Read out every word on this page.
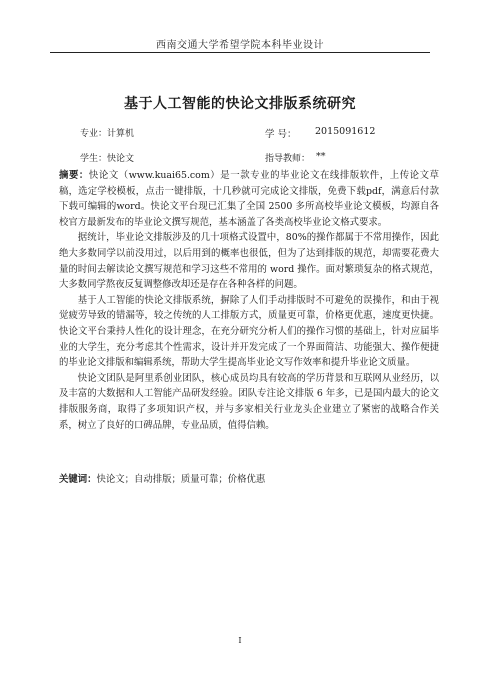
西南交通大学希望学院本科毕业设计
基于人工智能的快论文排版系统研究
专业：计算机	学 号： 2015091612
学生：快论文	指导教师： **

摘要：快论文（www.kuai65.com）是一款专业的毕业论文在线排版软件，上传论文草稿，选定学校模板，点击一键排版，十几秒就可完成论文排版，免费下载pdf，满意后付款下载可编辑的word。快论文平台现已汇集了全国 2500 多所高校毕业论文模板，均源自各校官方最新发布的毕业论文撰写规范，基本涵盖了各类高校毕业论文格式要求。

据统计，毕业论文排版涉及的几十项格式设置中，80%的操作都属于不常用操作，因此绝大多数同学以前没用过，以后用到的概率也很低，但为了达到排版的规范，却需要花费大量的时间去解读论文撰写规范和学习这些不常用的 word 操作。面对繁琐复杂的格式规范，大多数同学熬夜反复调整修改却还是存在各种各样的问题。

基于人工智能的快论文排版系统，摒除了人们手动排版时不可避免的误操作，和由于视觉疲劳导致的错漏等，较之传统的人工排版方式，质量更可靠，价格更优惠，速度更快捷。快论文平台秉持人性化的设计理念，在充分研究分析人们的操作习惯的基础上，针对应届毕业的大学生，充分考虑其个性需求，设计并开发完成了一个界面简洁、功能强大、操作便捷的毕业论文排版和编辑系统，帮助大学生提高毕业论文写作效率和提升毕业论文质量。

快论文团队是阿里系创业团队，核心成员均具有较高的学历背景和互联网从业经历，以及丰富的大数据和人工智能产品研发经验。团队专注论文排版 6 年多，已是国内最大的论文排版服务商，取得了多项知识产权，并与多家相关行业龙头企业建立了紧密的战略合作关系，树立了良好的口碑品牌，专业品质，值得信赖。

关键词：快论文；自动排版；质量可靠；价格优惠
I
